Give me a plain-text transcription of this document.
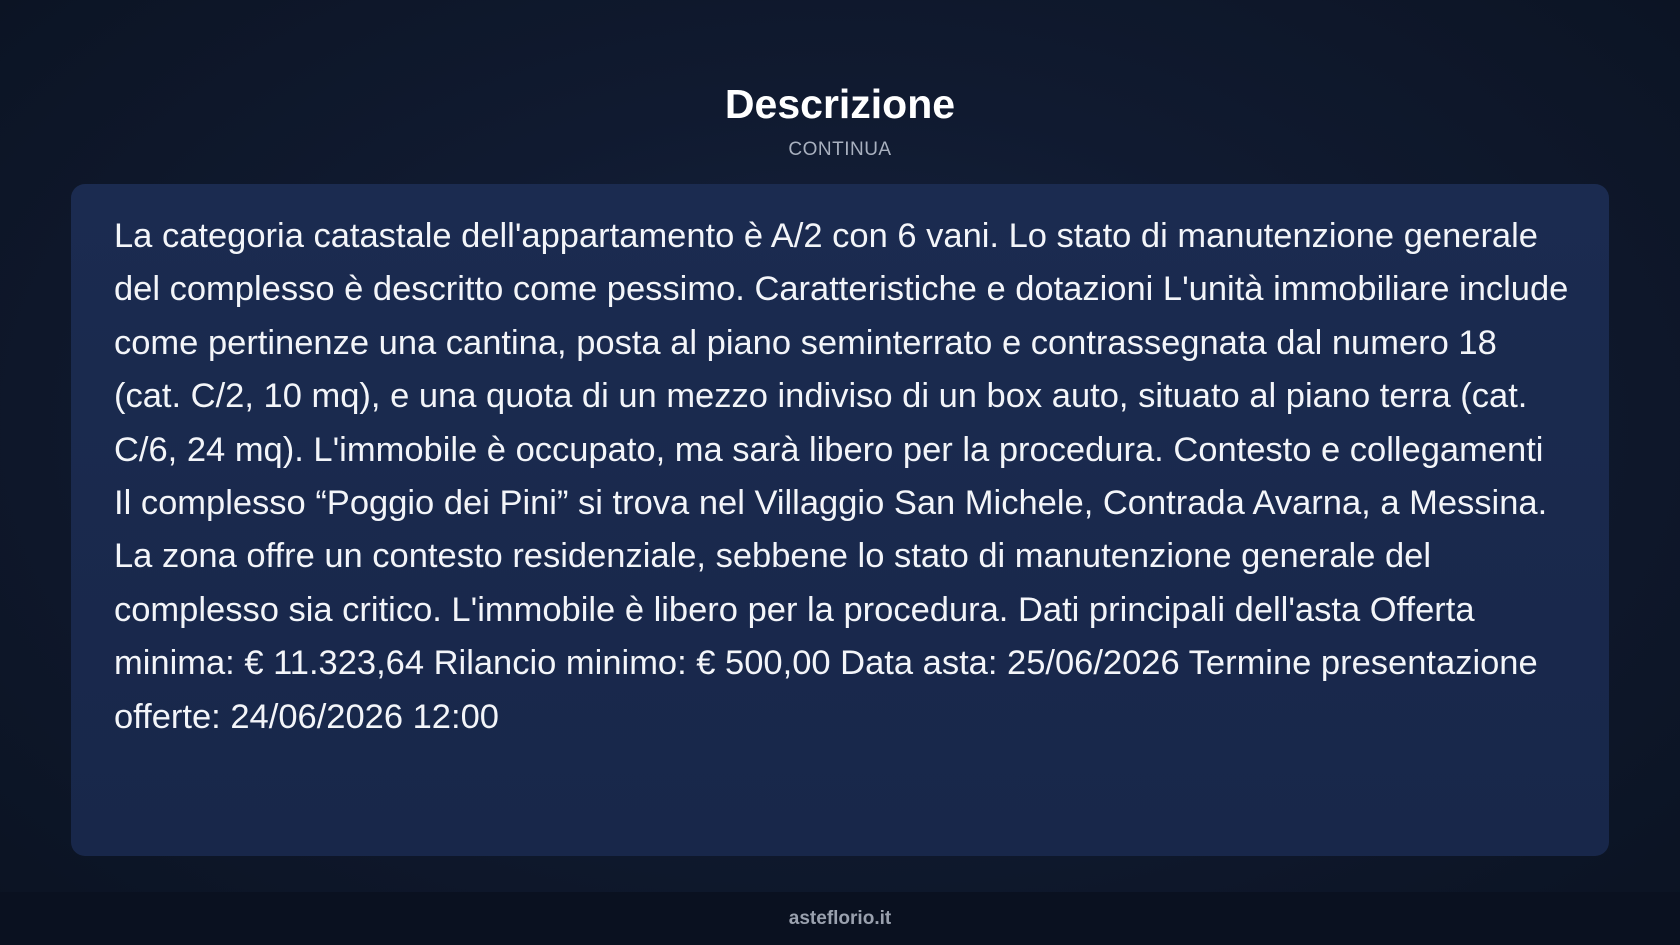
Descrizione
CONTINUA

La categoria catastale dell'appartamento è A/2 con 6 vani. Lo stato di manutenzione generale del complesso è descritto come pessimo. Caratteristiche e dotazioni L'unità immobiliare include come pertinenze una cantina, posta al piano seminterrato e contrassegnata dal numero 18 (cat. C/2, 10 mq), e una quota di un mezzo indiviso di un box auto, situato al piano terra (cat. C/6, 24 mq). L'immobile è occupato, ma sarà libero per la procedura. Contesto e collegamenti Il complesso “Poggio dei Pini” si trova nel Villaggio San Michele, Contrada Avarna, a Messina. La zona offre un contesto residenziale, sebbene lo stato di manutenzione generale del complesso sia critico. L'immobile è libero per la procedura. Dati principali dell'asta Offerta minima: € 11.323,64 Rilancio minimo: € 500,00 Data asta: 25/06/2026 Termine presentazione offerte: 24/06/2026 12:00

asteflorio.it
